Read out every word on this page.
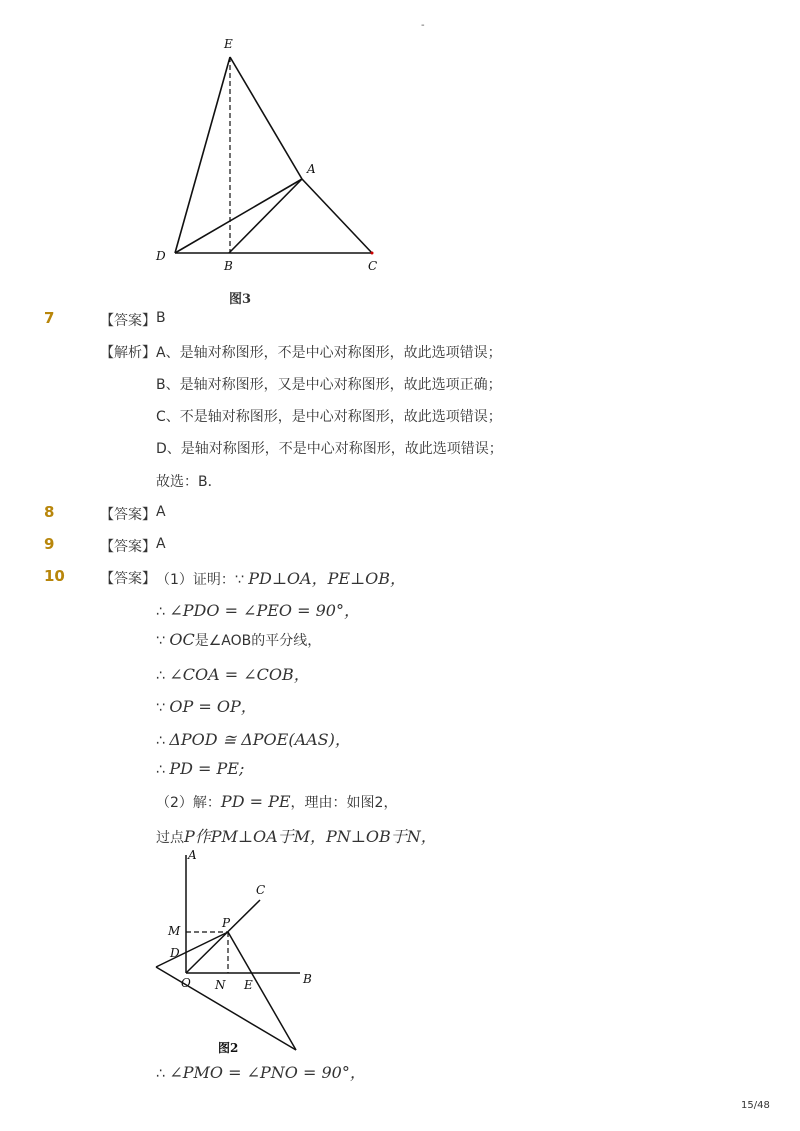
-
E
A
D
B	C
图3
7	【答案】 B
【解析】 A、是轴对称图形，不是中心对称图形，故此选项错误；
B、是轴对称图形，又是中心对称图形，故此选项正确；
C、不是轴对称图形，是中心对称图形，故此选项错误；
D、是轴对称图形，不是中心对称图形，故此选项错误；
故选：B．
8	【答案】 A
9	【答案】 A
10	【答案】 （1）证明：∵ PD⊥OA，PE⊥OB，
∴ ∠PDO = ∠PEO = 90°，
∵ OC是∠AOB的平分线，
∴ ∠COA = ∠COB，
∵ OP = OP，
∴ ΔPOD ≅ ΔPOE(AAS)，
∴ PD = PE;
（2）解：PD = PE，理由：如图2，
过点P作PM⊥OA于M，PN⊥OB于N，
A
C
M
P
D
O N E	B
图2
∴ ∠PMO = ∠PNO = 90°，
15/48
